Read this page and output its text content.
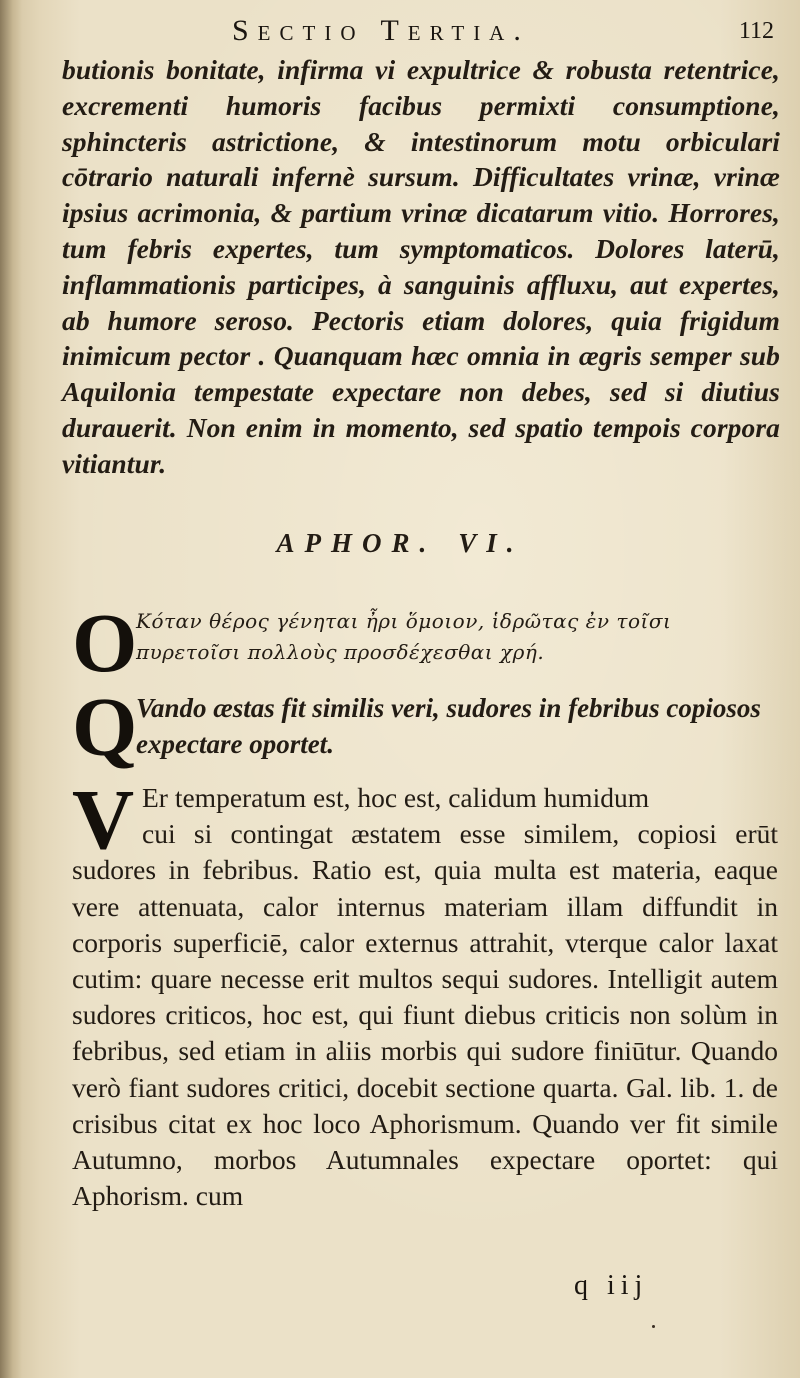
Sectio Tertia.	112

butionis bonitate, infirma vi expultrice & robusta retentrice, excrementi humoris facibus permixti consumptione, sphincteris astrictione, & intestinorum motu orbiculari cōtrario naturali infernè sursum. Difficultates vrinæ, vrinæ ipsius acrimonia, & partium vrinæ dicatarum vitio. Horrores, tum febris expertes, tum symptomaticos. Dolores laterū, inflammationis participes, à sanguinis affluxu, aut expertes, ab humore seroso. Pectoris etiam dolores, quia frigidum inimicum pector . Quanquam hæc omnia in ægris semper sub Aquilonia tempestate expectare non debes, sed si diutius durauerit. Non enim in momento, sed spatio tempois corpora vitiantur.

APHOR. VI.
O
Κόταν θέρος γένηται ἦρι ὅμοιον, ἱδρῶτας ἐν τοῖσι πυρετοῖσι πολλοὺς προσδέχεσθαι χρή.
Q
Vando æstas fit similis veri, sudores in febribus copiosos expectare oportet.
V Er temperatum est, hoc est, calidum humidum

cui si contingat æstatem esse similem, copiosi erūt sudores in febribus. Ratio est, quia multa est materia, eaque vere attenuata, calor internus materiam illam diffundit in corporis superficiē, calor externus attrahit, vterque calor laxat cutim: quare necesse erit multos sequi sudores. Intelligit autem sudores criticos, hoc est, qui fiunt diebus criticis non solùm in febribus, sed etiam in aliis morbis qui sudore finiūtur. Quando verò fiant sudores critici, docebit sectione quarta. Gal. lib. 1. de crisibus citat ex hoc loco Aphorismum. Quando ver fit simile Autumno, morbos Autumnales expectare oportet: qui Aphorism. cum

q iij
